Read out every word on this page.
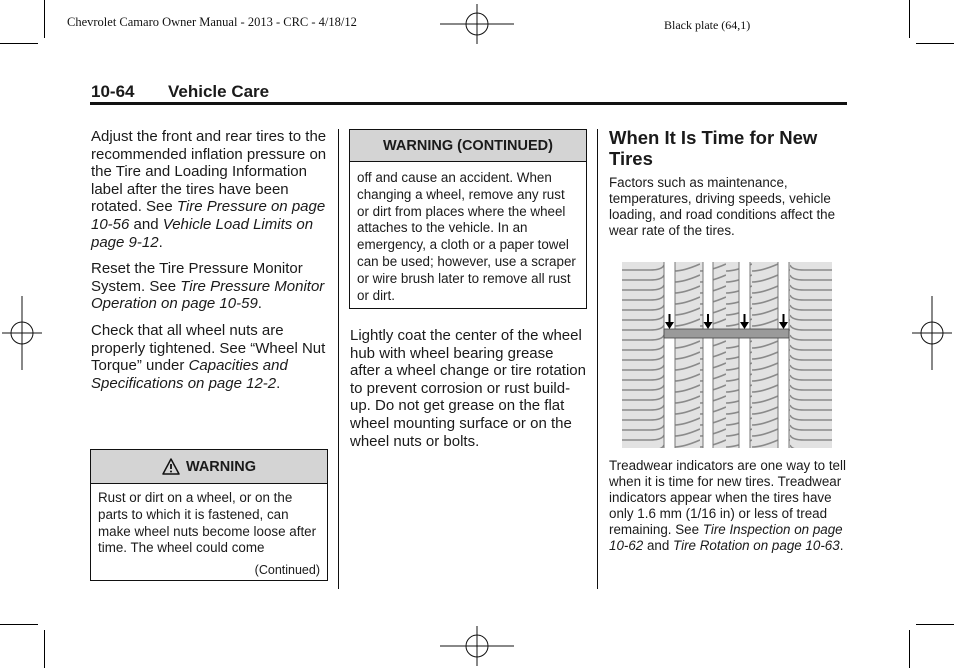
Chevrolet Camaro Owner Manual - 2013 - CRC - 4/18/12	Black plate (64,1)
10-64 Vehicle Care

Adjust the front and rear tires to the recommended inflation pressure on the Tire and Loading Information label after the tires have been rotated. See Tire Pressure on page 10-56 and Vehicle Load Limits on page 9-12.

Reset the Tire Pressure Monitor System. See Tire Pressure Monitor Operation on page 10-59.

Check that all wheel nuts are properly tightened. See “Wheel Nut Torque” under Capacities and Specifications on page 12-2.

WARNING
Rust or dirt on a wheel, or on the parts to which it is fastened, can make wheel nuts become loose after time. The wheel could come
(Continued)
WARNING (CONTINUED)
off and cause an accident. When changing a wheel, remove any rust or dirt from places where the wheel attaches to the vehicle. In an emergency, a cloth or a paper towel can be used; however, use a scraper or wire brush later to remove all rust or dirt.

Lightly coat the center of the wheel hub with wheel bearing grease after a wheel change or tire rotation to prevent corrosion or rust build-up. Do not get grease on the flat wheel mounting surface or on the wheel nuts or bolts.

When It Is Time for New Tires
Factors such as maintenance, temperatures, driving speeds, vehicle loading, and road conditions affect the wear rate of the tires.
Treadwear indicators are one way to tell when it is time for new tires. Treadwear indicators appear when the tires have only 1.6 mm (1/16 in) or less of tread remaining. See Tire Inspection on page 10-62 and Tire Rotation on page 10-63.
